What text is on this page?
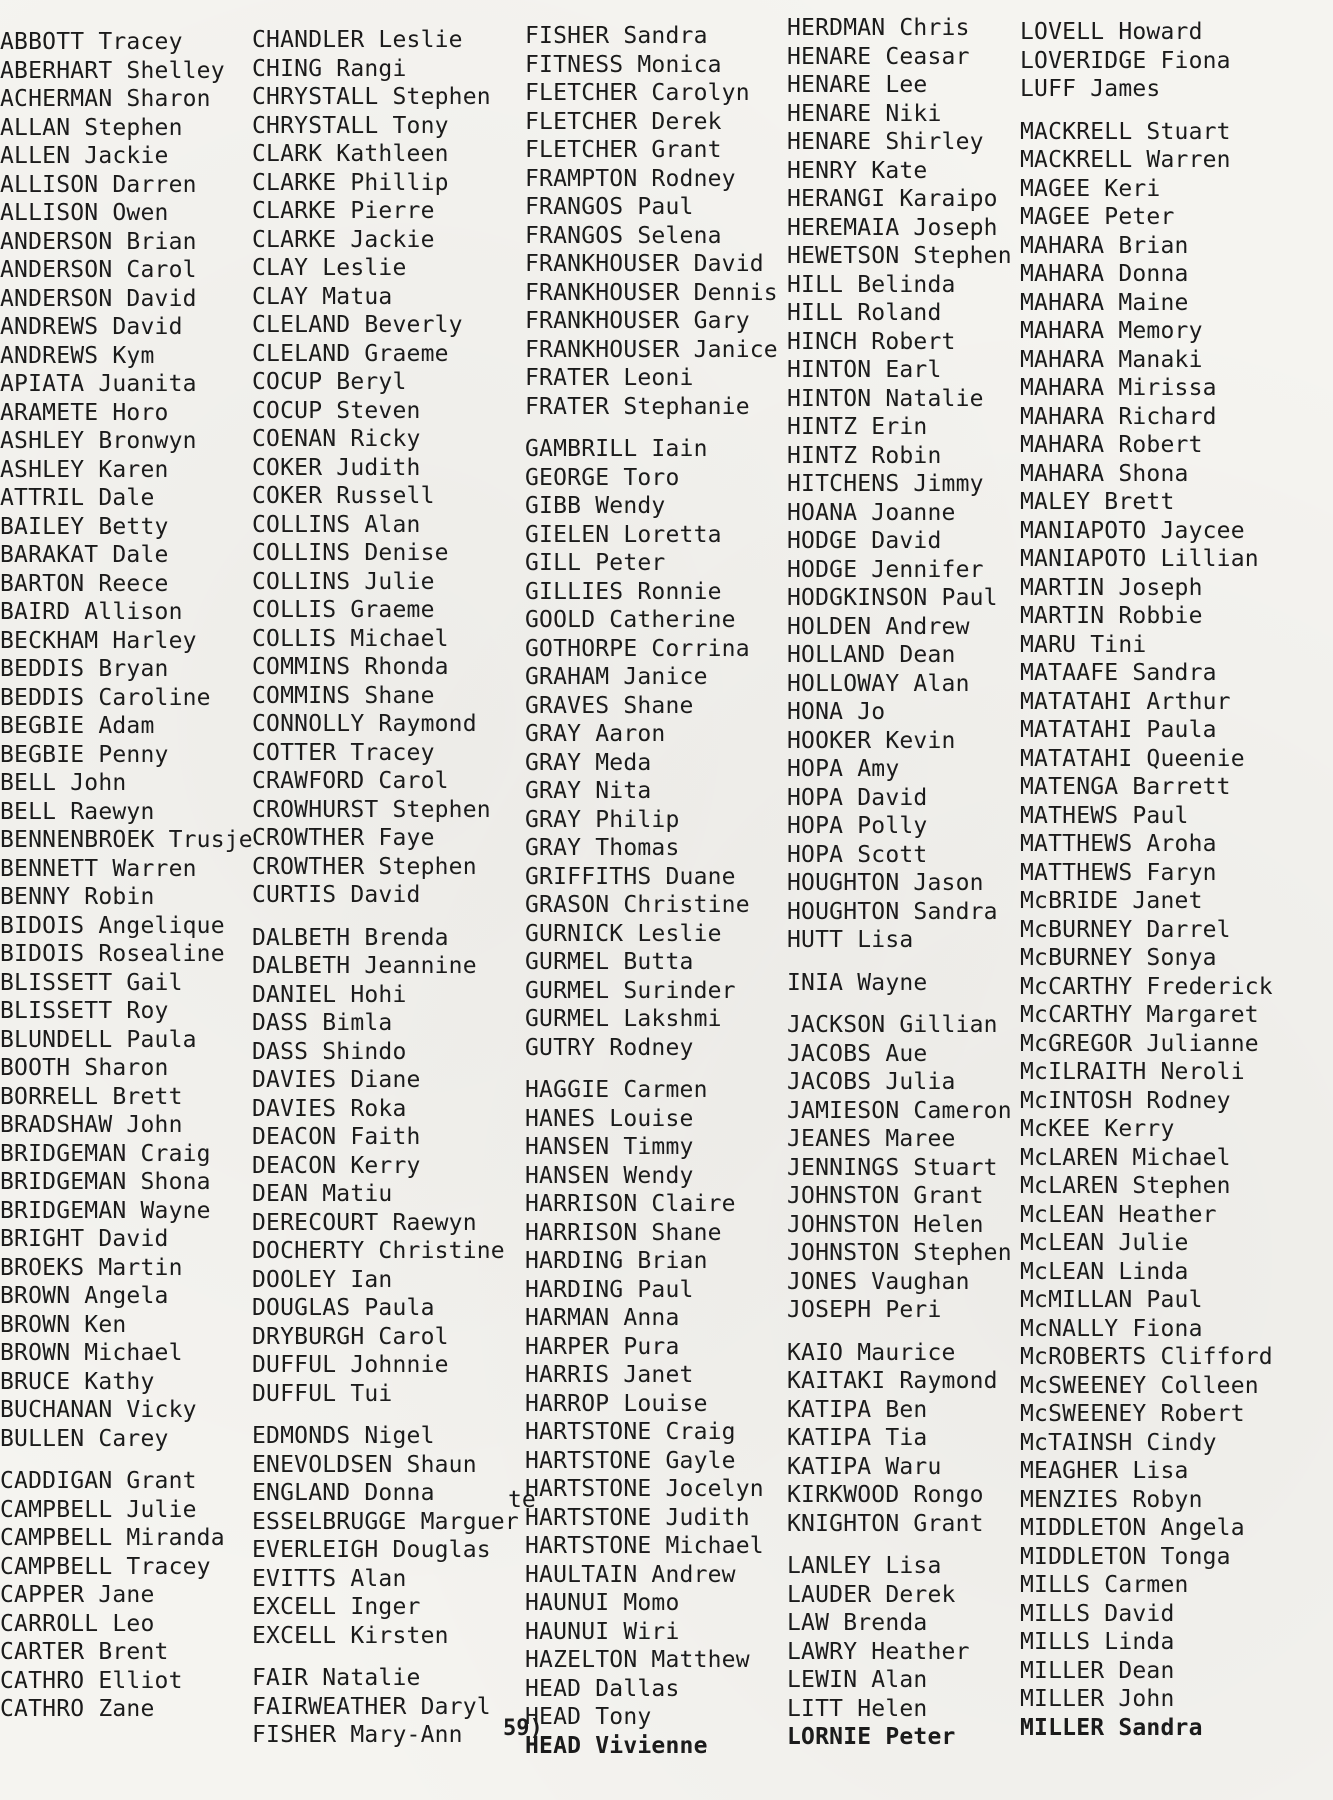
ABBOTT Tracey
ABERHART Shelley
ACHERMAN Sharon
ALLAN Stephen
ALLEN Jackie
ALLISON Darren
ALLISON Owen
ANDERSON Brian
ANDERSON Carol
ANDERSON David
ANDREWS David
ANDREWS Kym
APIATA Juanita
ARAMETE Horo
ASHLEY Bronwyn
ASHLEY Karen
ATTRIL Dale
BAILEY Betty
BARAKAT Dale
BARTON Reece
BAIRD Allison
BECKHAM Harley
BEDDIS Bryan
BEDDIS Caroline
BEGBIE Adam
BEGBIE Penny
BELL John
BELL Raewyn
BENNENBROEK Trusje
BENNETT Warren
BENNY Robin
BIDOIS Angelique
BIDOIS Rosealine
BLISSETT Gail
BLISSETT Roy
BLUNDELL Paula
BOOTH Sharon
BORRELL Brett
BRADSHAW John
BRIDGEMAN Craig
BRIDGEMAN Shona
BRIDGEMAN Wayne
BRIGHT David
BROEKS Martin
BROWN Angela
BROWN Ken
BROWN Michael
BRUCE Kathy
BUCHANAN Vicky
BULLEN Carey
CADDIGAN Grant
CAMPBELL Julie
CAMPBELL Miranda
CAMPBELL Tracey
CAPPER Jane
CARROLL Leo
CARTER Brent
CATHRO Elliot
CATHRO Zane
CHANDLER Leslie
CHING Rangi
CHRYSTALL Stephen
CHRYSTALL Tony
CLARK Kathleen
CLARKE Phillip
CLARKE Pierre
CLARKE Jackie
CLAY Leslie
CLAY Matua
CLELAND Beverly
CLELAND Graeme
COCUP Beryl
COCUP Steven
COENAN Ricky
COKER Judith
COKER Russell
COLLINS Alan
COLLINS Denise
COLLINS Julie
COLLIS Graeme
COLLIS Michael
COMMINS Rhonda
COMMINS Shane
CONNOLLY Raymond
COTTER Tracey
CRAWFORD Carol
CROWHURST Stephen
CROWTHER Faye
CROWTHER Stephen
CURTIS David
DALBETH Brenda
DALBETH Jeannine
DANIEL Hohi
DASS Bimla
DASS Shindo
DAVIES Diane
DAVIES Roka
DEACON Faith
DEACON Kerry
DEAN Matiu
DERECOURT Raewyn
DOCHERTY Christine
DOOLEY Ian
DOUGLAS Paula
DRYBURGH Carol
DUFFUL Johnnie
DUFFUL Tui
EDMONDS Nigel
ENEVOLDSEN Shaun
ENGLAND Donna
ESSELBRUGGE Marguer
EVERLEIGH Douglas
EVITTS Alan
EXCELL Inger
EXCELL Kirsten
FAIR Natalie
FAIRWEATHER Daryl
FISHER Mary-Ann
FISHER Sandra
FITNESS Monica
FLETCHER Carolyn
FLETCHER Derek
FLETCHER Grant
FRAMPTON Rodney
FRANGOS Paul
FRANGOS Selena
FRANKHOUSER David
FRANKHOUSER Dennis
FRANKHOUSER Gary
FRANKHOUSER Janice
FRATER Leoni
FRATER Stephanie
GAMBRILL Iain
GEORGE Toro
GIBB Wendy
GIELEN Loretta
GILL Peter
GILLIES Ronnie
GOOLD Catherine
GOTHORPE Corrina
GRAHAM Janice
GRAVES Shane
GRAY Aaron
GRAY Meda
GRAY Nita
GRAY Philip
GRAY Thomas
GRIFFITHS Duane
GRASON Christine
GURNICK Leslie
GURMEL Butta
GURMEL Surinder
GURMEL Lakshmi
GUTRY Rodney
HAGGIE Carmen
HANES Louise
HANSEN Timmy
HANSEN Wendy
HARRISON Claire
HARRISON Shane
HARDING Brian
HARDING Paul
HARMAN Anna
HARPER Pura
HARRIS Janet
HARROP Louise
HARTSTONE Craig
HARTSTONE Gayle
HARTSTONE Jocelyn
HARTSTONE Judith
HARTSTONE Michael
HAULTAIN Andrew
HAUNUI Momo
HAUNUI Wiri
HAZELTON Matthew
HEAD Dallas
HEAD Tony
HEAD Vivienne
HERDMAN Chris
HENARE Ceasar
HENARE Lee
HENARE Niki
HENARE Shirley
HENRY Kate
HERANGI Karaipo
HEREMAIA Joseph
HEWETSON Stephen
HILL Belinda
HILL Roland
HINCH Robert
HINTON Earl
HINTON Natalie
HINTZ Erin
HINTZ Robin
HITCHENS Jimmy
HOANA Joanne
HODGE David
HODGE Jennifer
HODGKINSON Paul
HOLDEN Andrew
HOLLAND Dean
HOLLOWAY Alan
HONA Jo
HOOKER Kevin
HOPA Amy
HOPA David
HOPA Polly
HOPA Scott
HOUGHTON Jason
HOUGHTON Sandra
HUTT Lisa
INIA Wayne
JACKSON Gillian
JACOBS Aue
JACOBS Julia
JAMIESON Cameron
JEANES Maree
JENNINGS Stuart
JOHNSTON Grant
JOHNSTON Helen
JOHNSTON Stephen
JONES Vaughan
JOSEPH Peri
KAIO Maurice
KAITAKI Raymond
KATIPA Ben
KATIPA Tia
KATIPA Waru
KIRKWOOD Rongo
KNIGHTON Grant
LANLEY Lisa
LAUDER Derek
LAW Brenda
LAWRY Heather
LEWIN Alan
LITT Helen
LORNIE Peter
LOVELL Howard
LOVERIDGE Fiona
LUFF James
MACKRELL Stuart
MACKRELL Warren
MAGEE Keri
MAGEE Peter
MAHARA Brian
MAHARA Donna
MAHARA Maine
MAHARA Memory
MAHARA Manaki
MAHARA Mirissa
MAHARA Richard
MAHARA Robert
MAHARA Shona
MALEY Brett
MANIAPOTO Jaycee
MANIAPOTO Lillian
MARTIN Joseph
MARTIN Robbie
MARU Tini
MATAAFE Sandra
MATATAHI Arthur
MATATAHI Paula
MATATAHI Queenie
MATENGA Barrett
MATHEWS Paul
MATTHEWS Aroha
MATTHEWS Faryn
McBRIDE Janet
McBURNEY Darrel
McBURNEY Sonya
McCARTHY Frederick
McCARTHY Margaret
McGREGOR Julianne
McILRAITH Neroli
McINTOSH Rodney
McKEE Kerry
McLAREN Michael
McLAREN Stephen
McLEAN Heather
McLEAN Julie
McLEAN Linda
McMILLAN Paul
McNALLY Fiona
McROBERTS Clifford
McSWEENEY Colleen
McSWEENEY Robert
McTAINSH Cindy
MEAGHER Lisa
MENZIES Robyn
MIDDLETON Angela
MIDDLETON Tonga
MILLS Carmen
MILLS David
MILLS Linda
MILLER Dean
MILLER John
MILLER Sandra
te
59)
